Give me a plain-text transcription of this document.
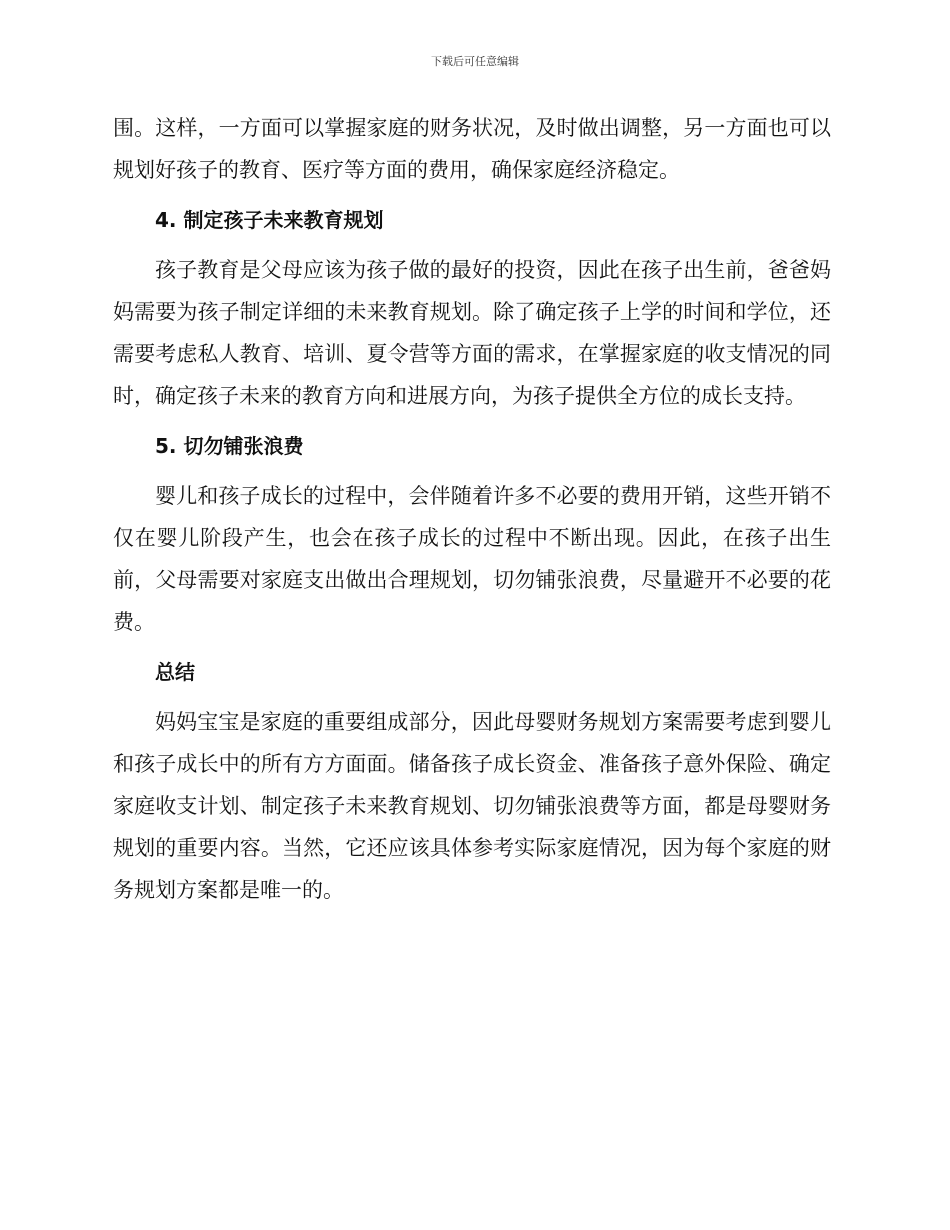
下载后可任意编辑

围。这样，一方面可以掌握家庭的财务状况，及时做出调整，另一方面也可以规划好孩子的教育、医疗等方面的费用，确保家庭经济稳定。

4. 制定孩子未来教育规划

孩子教育是父母应该为孩子做的最好的投资，因此在孩子出生前，爸爸妈妈需要为孩子制定详细的未来教育规划。除了确定孩子上学的时间和学位，还需要考虑私人教育、培训、夏令营等方面的需求，在掌握家庭的收支情况的同时，确定孩子未来的教育方向和进展方向，为孩子提供全方位的成长支持。

5. 切勿铺张浪费

婴儿和孩子成长的过程中，会伴随着许多不必要的费用开销，这些开销不仅在婴儿阶段产生，也会在孩子成长的过程中不断出现。因此，在孩子出生前，父母需要对家庭支出做出合理规划，切勿铺张浪费，尽量避开不必要的花费。

总结

妈妈宝宝是家庭的重要组成部分，因此母婴财务规划方案需要考虑到婴儿和孩子成长中的所有方方面面。储备孩子成长资金、准备孩子意外保险、确定家庭收支计划、制定孩子未来教育规划、切勿铺张浪费等方面，都是母婴财务规划的重要内容。当然，它还应该具体参考实际家庭情况，因为每个家庭的财务规划方案都是唯一的。
